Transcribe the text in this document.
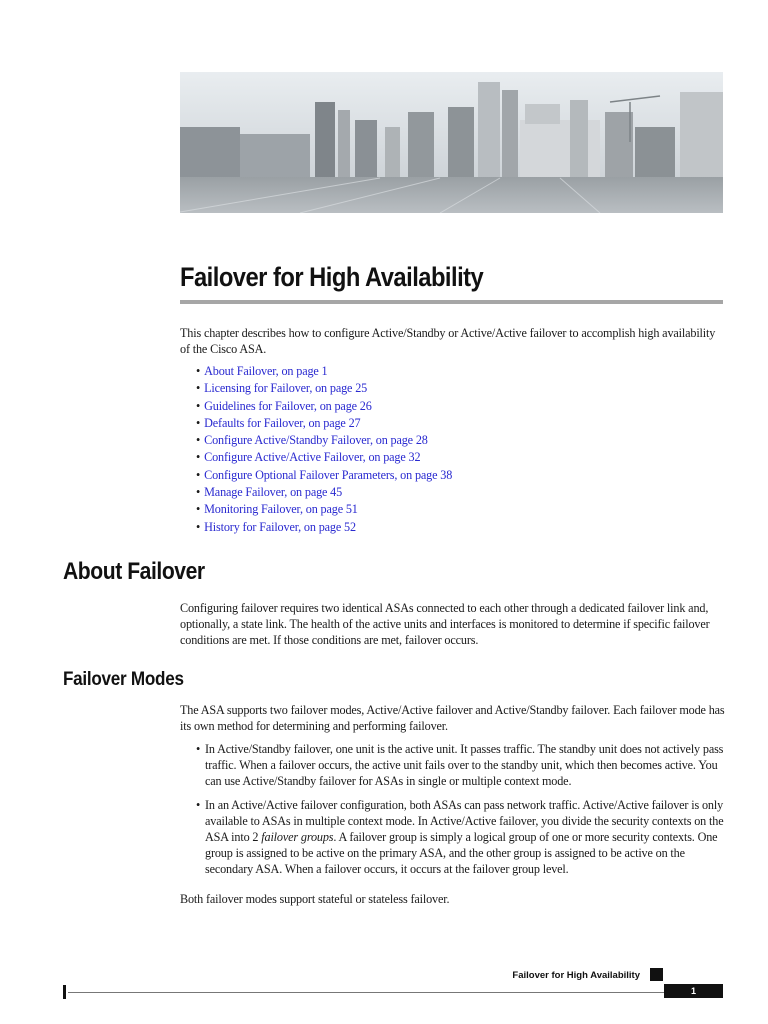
Failover for High Availability

This chapter describes how to configure Active/Standby or Active/Active failover to accomplish high availability of the Cisco ASA.

• About Failover, on page 1
• Licensing for Failover, on page 25
• Guidelines for Failover, on page 26
• Defaults for Failover, on page 27
• Configure Active/Standby Failover, on page 28
• Configure Active/Active Failover, on page 32
• Configure Optional Failover Parameters, on page 38
• Manage Failover, on page 45
• Monitoring Failover, on page 51
• History for Failover, on page 52
About Failover

Configuring failover requires two identical ASAs connected to each other through a dedicated failover link and, optionally, a state link. The health of the active units and interfaces is monitored to determine if specific failover conditions are met. If those conditions are met, failover occurs.

Failover Modes

The ASA supports two failover modes, Active/Active failover and Active/Standby failover. Each failover mode has its own method for determining and performing failover.

• In Active/Standby failover, one unit is the active unit. It passes traffic. The standby unit does not actively pass traffic. When a failover occurs, the active unit fails over to the standby unit, which then becomes active. You can use Active/Standby failover for ASAs in single or multiple context mode.

• In an Active/Active failover configuration, both ASAs can pass network traffic. Active/Active failover is only available to ASAs in multiple context mode. In Active/Active failover, you divide the security contexts on the ASA into 2 failover groups. A failover group is simply a logical group of one or more security contexts. One group is assigned to be active on the primary ASA, and the other group is assigned to be active on the secondary ASA. When a failover occurs, it occurs at the failover group level.

Both failover modes support stateful or stateless failover.

Failover for High Availability
1
